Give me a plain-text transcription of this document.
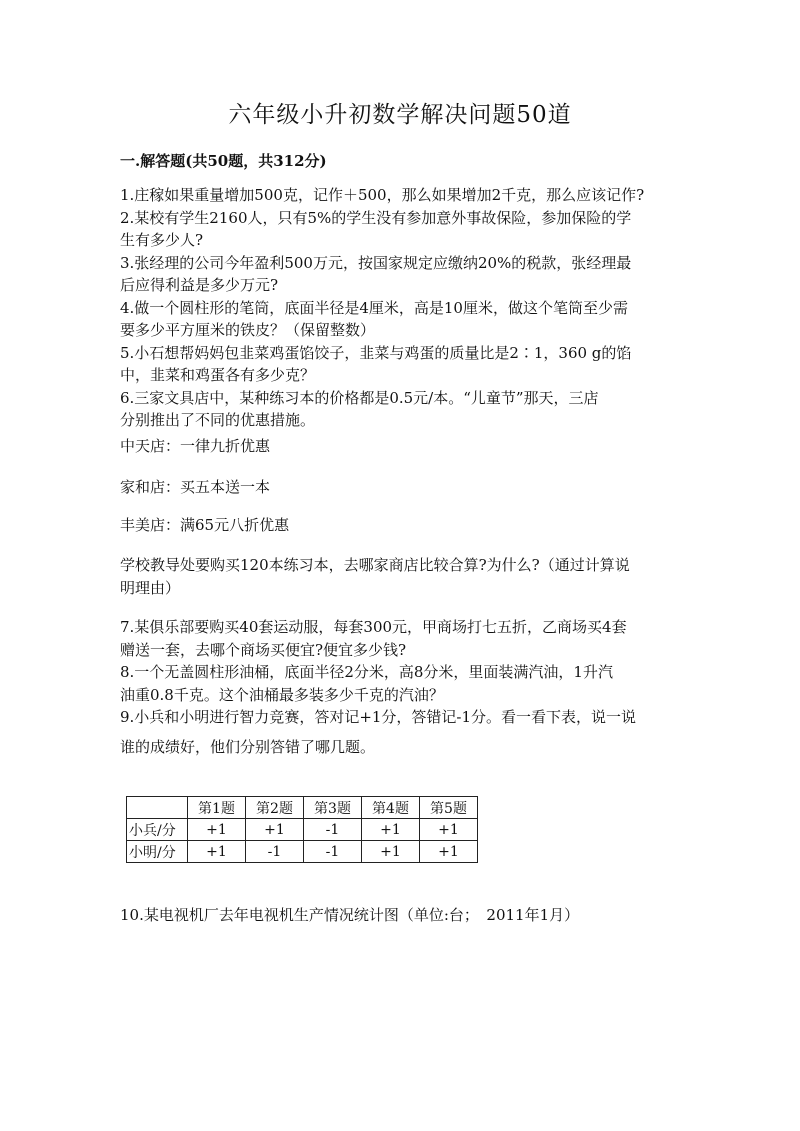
六年级小升初数学解决问题50道
一.解答题(共50题，共312分)

1.庄稼如果重量增加500克，记作＋500，那么如果增加2千克，那么应该记作?

2.某校有学生2160人，只有5%的学生没有参加意外事故保险，参加保险的学

生有多少人?

3.张经理的公司今年盈利500万元，按国家规定应缴纳20%的税款，张经理最

后应得利益是多少万元?

4.做一个圆柱形的笔筒，底面半径是4厘米，高是10厘米，做这个笔筒至少需

要多少平方厘米的铁皮？（保留整数）

5.小石想帮妈妈包韭菜鸡蛋馅饺子，韭菜与鸡蛋的质量比是2∶1，360 g的馅

中，韭菜和鸡蛋各有多少克？

6.三家文具店中，某种练习本的价格都是0.5元/本。“儿童节”那天，三店

分别推出了不同的优惠措施。

中天店：一律九折优惠
家和店：买五本送一本
丰美店：满65元八折优惠

学校教导处要购买120本练习本，去哪家商店比较合算?为什么?（通过计算说

明理由）

7.某俱乐部要购买40套运动服，每套300元，甲商场打七五折，乙商场买4套

赠送一套，去哪个商场买便宜?便宜多少钱?

8.一个无盖圆柱形油桶，底面半径2分米，高8分米，里面装满汽油，1升汽

油重0.8千克。这个油桶最多装多少千克的汽油？

9.小兵和小明进行智力竞赛，答对记+1分，答错记-1分。看一看下表，说一说

谁的成绩好，他们分别答错了哪几题。
	第1题	第2题	第3题	第4题	第5题
小兵/分	+1	+1	-1	+1	+1
小明/分	+1	-1	-1	+1	+1
10.某电视机厂去年电视机生产情况统计图（单位:台；　2011年1月）
